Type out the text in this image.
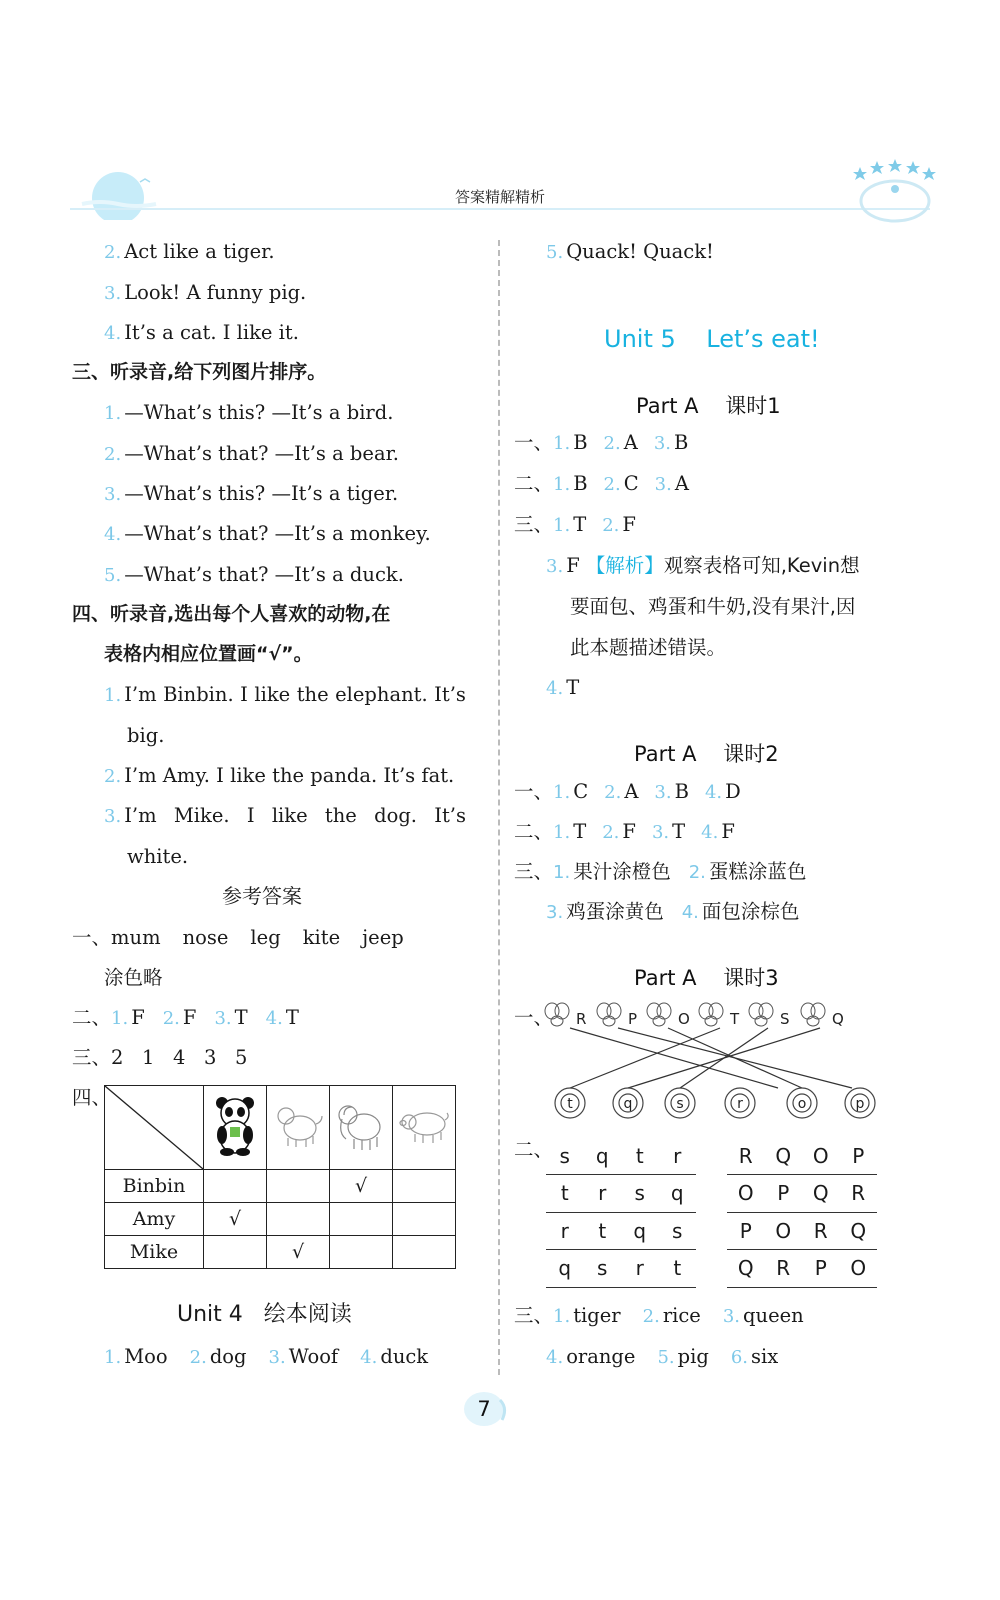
答案精解精析
2. Act like a tiger.
3. Look! A funny pig.
4. It’s a cat. I like it.
三、听录音,给下列图片排序。
1. —What’s this? —It’s a bird.
2. —What’s that? —It’s a bear.
3. —What’s this? —It’s a tiger.
4. —What’s that? —It’s a monkey.
5. —What’s that? —It’s a duck.
四、听录音,选出每个人喜欢的动物,在
表格内相应位置画“√”。
1. I’m Binbin. I like the elephant. It’s
big.
2. I’m Amy. I like the panda. It’s fat.
3. I’m Mike. I like the dog. It’s
white.
参考答案
一、mum nose leg kite jeep
涂色略
二、1. F 2. F 3. T 4. T
三、2   1   4   3   5
四、

Binbin			√	
Amy	√			
Mike		√		
Unit 4   绘本阅读
1. Moo 2. dog 3. Woof 4. duck
5. Quack! Quack!
Unit 5    Let’s eat!
Part A    课时1
一、1. B 2. A 3. B
二、1. B 2. C 3. A
三、1. T 2. F
3. F 【解析】观察表格可知,Kevin想
要面包、鸡蛋和牛奶,没有果汁,因
此本题描述错误。
4. T
Part A    课时2
一、1. C 2. A 3. B 4. D
二、1. T 2. F 3. T 4. F
三、1. 果汁涂橙色 2. 蛋糕涂蓝色
3. 鸡蛋涂黄色 4. 面包涂棕色
Part A    课时3
一、 R	P	O	T	S	Q
t	q	s	r	o	p
二、 s	q	t	r
t	r	s	q
r	t	q	s
q	s	r	t
R	Q	O	P
O	P	Q	R
P	O	R	Q
Q	R	P	O
三、1. tiger 2. rice 3. queen
4. orange 5. pig 6. six
7
